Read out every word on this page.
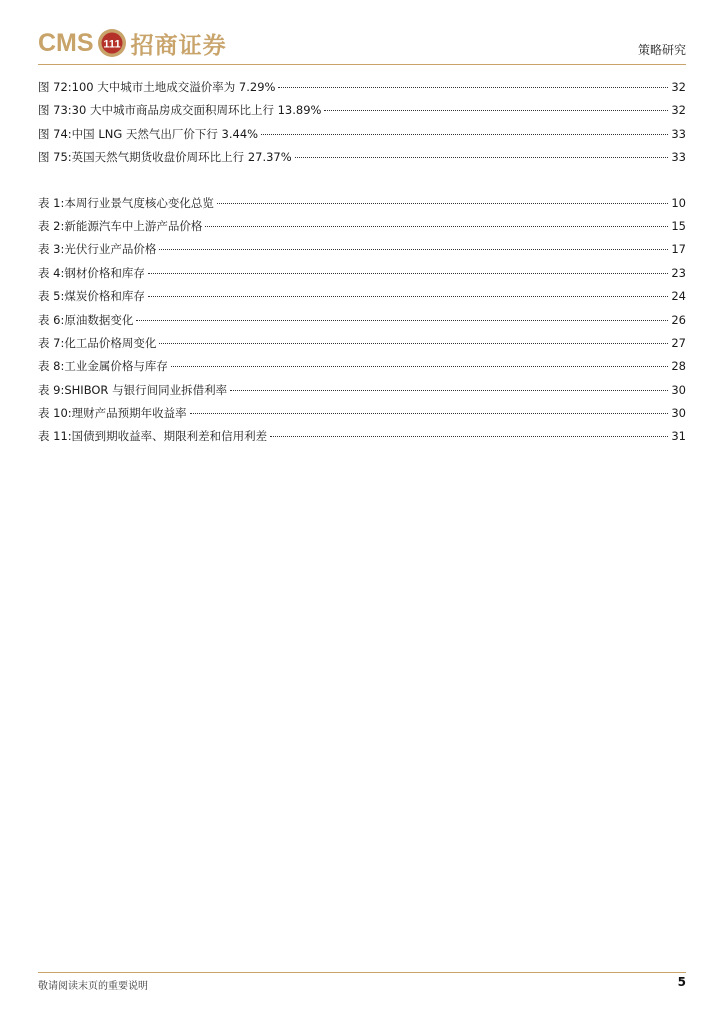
CMS 111 招商证券	策略研究
图 72: 100 大中城市土地成交溢价率为 7.29%	32
图 73: 30 大中城市商品房成交面积周环比上行 13.89%	32
图 74: 中国 LNG 天然气出厂价下行 3.44%	33
图 75: 英国天然气期货收盘价周环比上行 27.37%	33
表 1: 本周行业景气度核心变化总览	10
表 2: 新能源汽车中上游产品价格	15
表 3: 光伏行业产品价格	17
表 4: 钢材价格和库存	23
表 5: 煤炭价格和库存	24
表 6: 原油数据变化	26
表 7: 化工品价格周变化	27
表 8: 工业金属价格与库存	28
表 9: SHIBOR 与银行间同业拆借利率	30
表 10: 理财产品预期年收益率	30
表 11: 国债到期收益率、期限利差和信用利差	31
敬请阅读末页的重要说明	5
